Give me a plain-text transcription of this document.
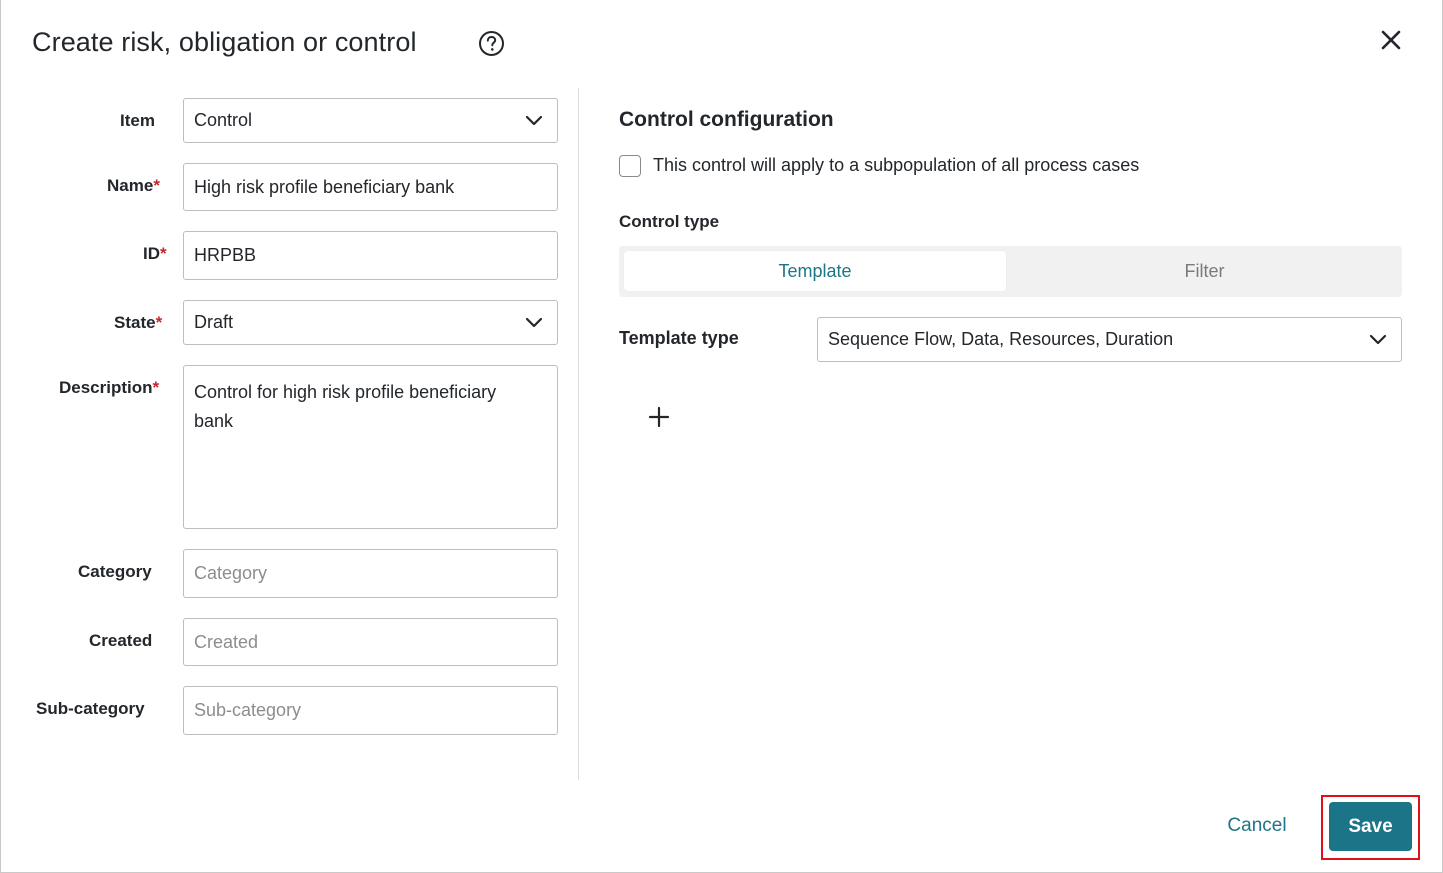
Create risk, obligation or control
Item Control
Name* High risk profile beneficiary bank
ID* HRPBB
State* Draft
Description* Control for high risk profile beneficiary bank
Category Category
Created Created
Sub-category	Sub-category
Control configuration
This control will apply to a subpopulation of all process cases
Control type
Template	Filter
Template type	Sequence Flow, Data, Resources, Duration
Cancel	Save
